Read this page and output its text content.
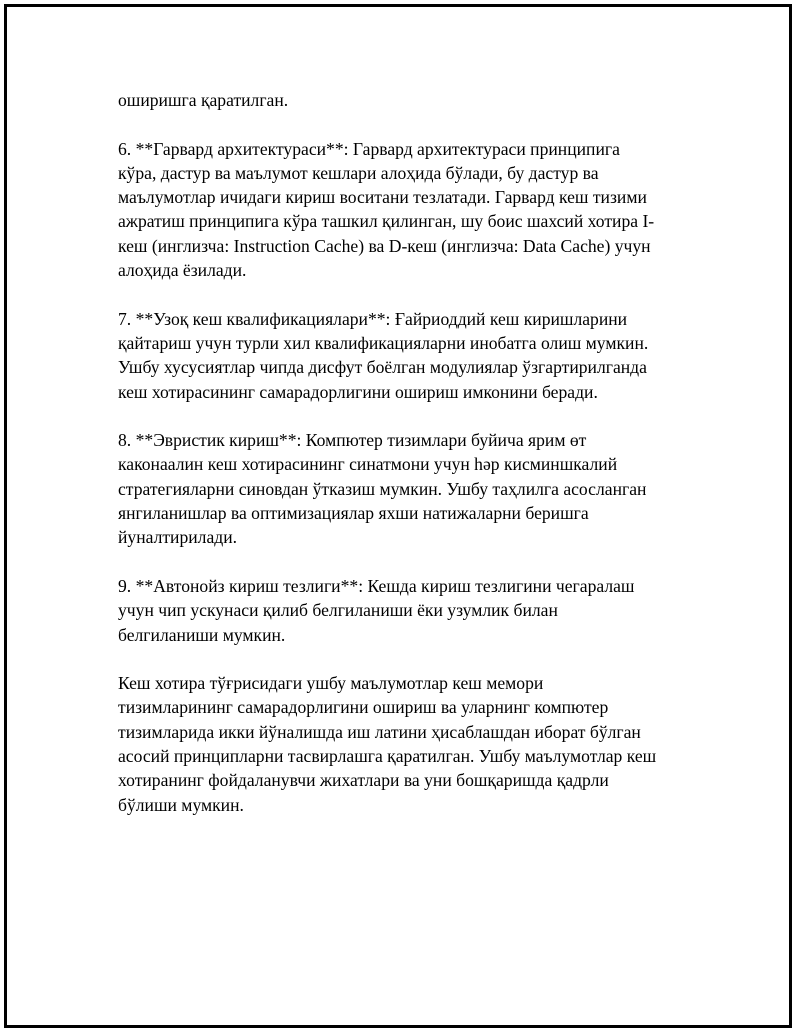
оширишга қаратилган.

6. **Гарвард архитектураси**: Гарвард архитектураси принципига
кўра, дастур ва маълумот кешлари алоҳида бўлади, бу дастур ва
маълумотлар ичидаги кириш воситани тезлатади. Гарвард кеш тизими
ажратиш принципига кўра ташкил қилинган, шу боис шахсий хотира I-
кеш (инглизча: Instruction Cache) ва D-кеш (инглизча: Data Cache) учун
алоҳида ёзилади.

7. **Узоқ кеш квалификациялари**: Ғайриоддий кеш киришларини
қайтариш учун турли хил квалификацияларни инобатга олиш мумкин.
Ушбу хусусиятлар чипда дисфут боёлган модулиялар ўзгартирилганда
кеш хотирасининг самарадорлигини ошириш имконини беради.

8. **Эвристик кириш**: Компютер тизимлари буйича ярим өт
каконаалин кеш хотирасининг синатмони учун һәр кисминшкалий
стратегияларни синовдан ўтказиш мумкин. Ушбу таҳлилга асосланган
янгиланишлар ва оптимизациялар яхши натижаларни беришга
йуналтирилади.

9. **Автонойз кириш тезлиги**: Кешда кириш тезлигини чегаралаш
учун чип ускунаси қилиб белгиланиши ёки узумлик билан
белгиланиши мумкин.

Кеш хотира тўғрисидаги ушбу маълумотлар кеш мемори
тизимларининг самарадорлигини ошириш ва уларнинг компютер
тизимларида икки йўналишда иш латини ҳисаблашдан иборат бўлган
асосий принципларни тасвирлашга қаратилган. Ушбу маълумотлар кеш
хотиранинг фойдаланувчи жихатлари ва уни бошқаришда қадрли
бўлиши мумкин.
